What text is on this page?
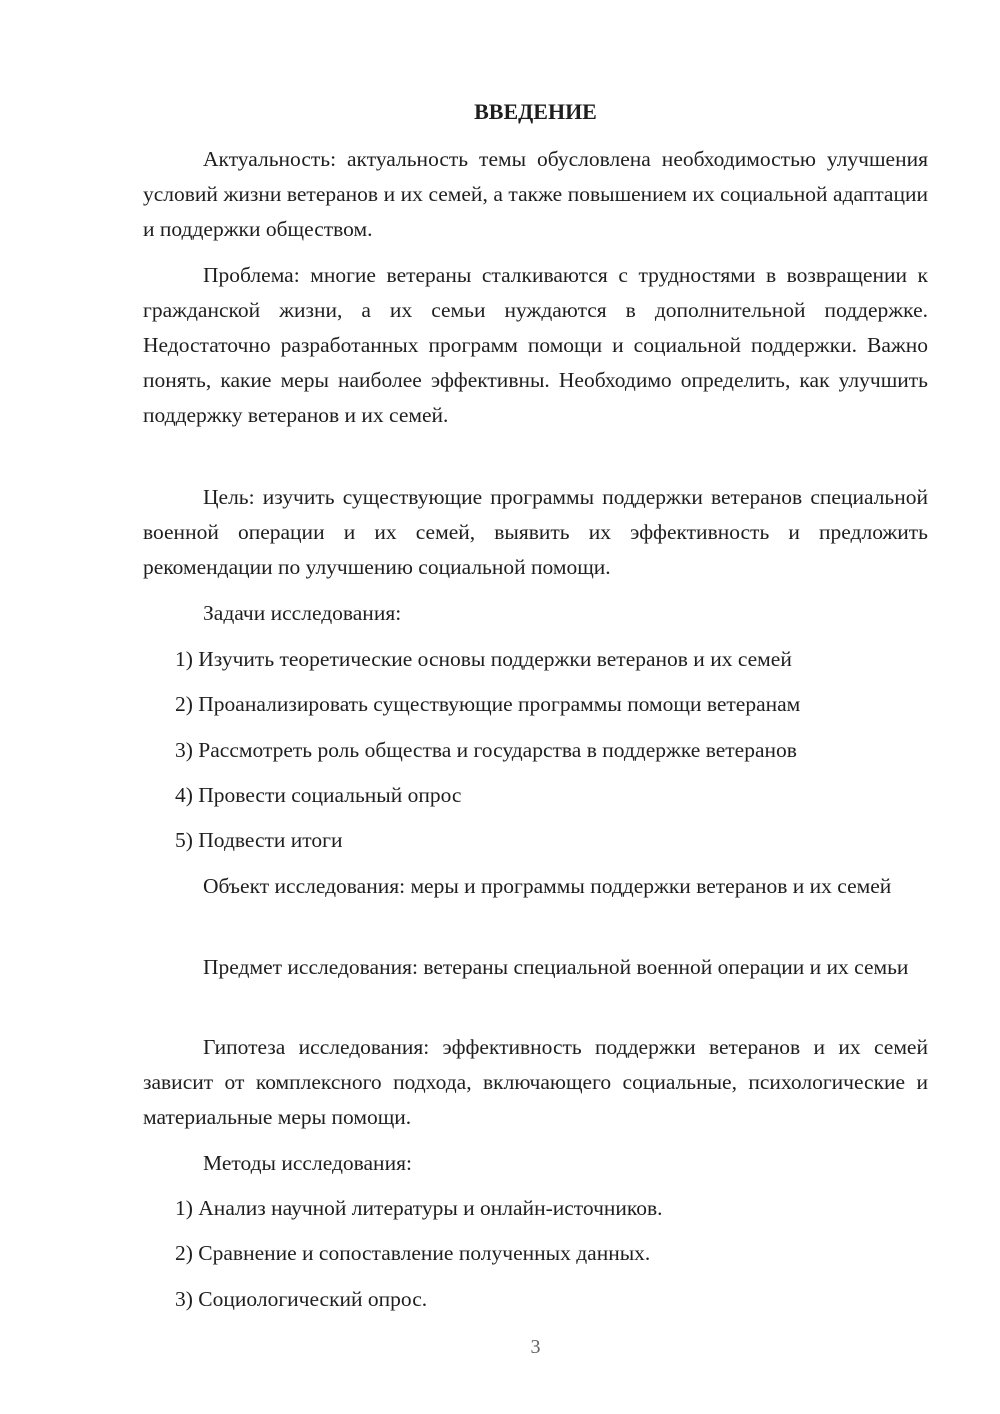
ВВЕДЕНИЕ

Актуальность: актуальность темы обусловлена необходимостью улучшения условий жизни ветеранов и их семей, а также повышением их социальной адаптации и поддержки обществом.

Проблема: многие ветераны сталкиваются с трудностями в возвращении к гражданской жизни, а их семьи нуждаются в дополнительной поддержке. Недостаточно разработанных программ помощи и социальной поддержки. Важно понять, какие меры наиболее эффективны. Необходимо определить, как улучшить поддержку ветеранов и их семей.

Цель: изучить существующие программы поддержки ветеранов специальной военной операции и их семей, выявить их эффективность и предложить рекомендации по улучшению социальной помощи.

Задачи исследования:

1) Изучить теоретические основы поддержки ветеранов и их семей

2) Проанализировать существующие программы помощи ветеранам

3) Рассмотреть роль общества и государства в поддержке ветеранов

4) Провести социальный опрос

5) Подвести итоги

Объект исследования: меры и программы поддержки ветеранов и их семей

Предмет исследования: ветераны специальной военной операции и их семьи

Гипотеза исследования: эффективность поддержки ветеранов и их семей зависит от комплексного подхода, включающего социальные, психологические и материальные меры помощи.

Методы исследования:

1) Анализ научной литературы и онлайн-источников.

2) Сравнение и сопоставление полученных данных.

3) Социологический опрос.

3
